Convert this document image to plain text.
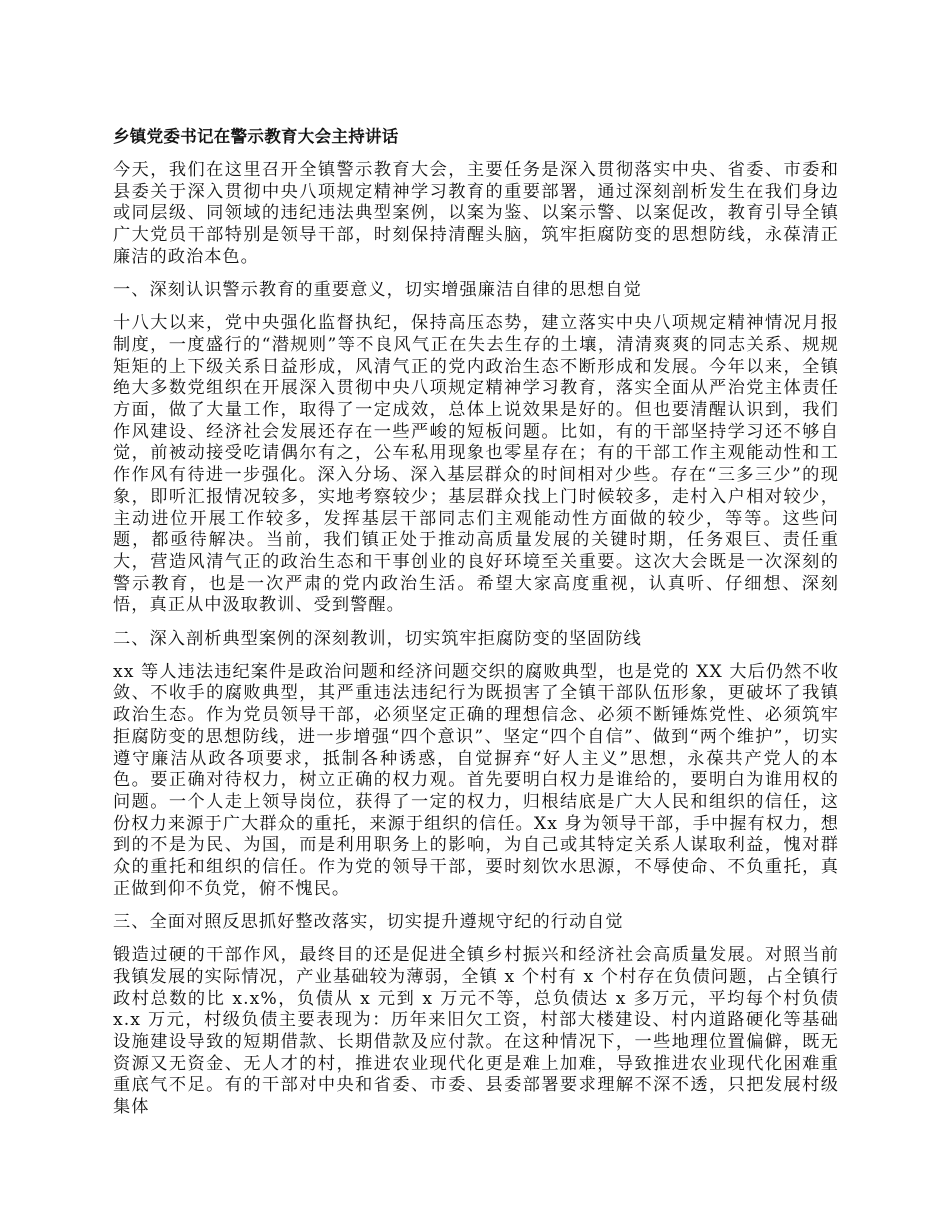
乡镇党委书记在警示教育大会主持讲话

今天，我们在这里召开全镇警示教育大会，主要任务是深入贯彻落实中央、省委、市委和县委关于深入贯彻中央八项规定精神学习教育的重要部署，通过深刻剖析发生在我们身边或同层级、同领域的违纪违法典型案例，以案为鉴、以案示警、以案促改，教育引导全镇广大党员干部特别是领导干部，时刻保持清醒头脑，筑牢拒腐防变的思想防线，永葆清正廉洁的政治本色。

一、深刻认识警示教育的重要意义，切实增强廉洁自律的思想自觉

十八大以来，党中央强化监督执纪，保持高压态势，建立落实中央八项规定精神情况月报制度，一度盛行的“潜规则”等不良风气正在失去生存的土壤，清清爽爽的同志关系、规规矩矩的上下级关系日益形成，风清气正的党内政治生态不断形成和发展。今年以来，全镇绝大多数党组织在开展深入贯彻中央八项规定精神学习教育，落实全面从严治党主体责任方面，做了大量工作，取得了一定成效，总体上说效果是好的。但也要清醒认识到，我们作风建设、经济社会发展还存在一些严峻的短板问题。比如，有的干部坚持学习还不够自觉，前被动接受吃请偶尔有之，公车私用现象也零星存在；有的干部工作主观能动性和工作作风有待进一步强化。深入分场、深入基层群众的时间相对少些。存在“三多三少”的现象，即听汇报情况较多，实地考察较少；基层群众找上门时候较多，走村入户相对较少，主动进位开展工作较多，发挥基层干部同志们主观能动性方面做的较少，等等。这些问题，都亟待解决。当前，我们镇正处于推动高质量发展的关键时期，任务艰巨、责任重大，营造风清气正的政治生态和干事创业的良好环境至关重要。这次大会既是一次深刻的警示教育，也是一次严肃的党内政治生活。希望大家高度重视，认真听、仔细想、深刻悟，真正从中汲取教训、受到警醒。

二、深入剖析典型案例的深刻教训，切实筑牢拒腐防变的坚固防线

xx 等人违法违纪案件是政治问题和经济问题交织的腐败典型，也是党的 XX 大后仍然不收敛、不收手的腐败典型，其严重违法违纪行为既损害了全镇干部队伍形象，更破坏了我镇政治生态。作为党员领导干部，必须坚定正确的理想信念、必须不断锤炼党性、必须筑牢拒腐防变的思想防线，进一步增强“四个意识”、坚定“四个自信”、做到“两个维护”，切实遵守廉洁从政各项要求，抵制各种诱惑，自觉摒弃“好人主义”思想，永葆共产党人的本色。要正确对待权力，树立正确的权力观。首先要明白权力是谁给的，要明白为谁用权的问题。一个人走上领导岗位，获得了一定的权力，归根结底是广大人民和组织的信任，这份权力来源于广大群众的重托，来源于组织的信任。Xx 身为领导干部，手中握有权力，想到的不是为民、为国，而是利用职务上的影响，为自己或其特定关系人谋取利益，愧对群众的重托和组织的信任。作为党的领导干部，要时刻饮水思源，不辱使命、不负重托，真正做到仰不负党，俯不愧民。

三、全面对照反思抓好整改落实，切实提升遵规守纪的行动自觉

锻造过硬的干部作风，最终目的还是促进全镇乡村振兴和经济社会高质量发展。对照当前我镇发展的实际情况，产业基础较为薄弱，全镇 x 个村有 x 个村存在负债问题，占全镇行政村总数的比 x.x%，负债从 x 元到 x 万元不等，总负债达 x 多万元，平均每个村负债 x.x 万元，村级负债主要表现为：历年来旧欠工资，村部大楼建设、村内道路硬化等基础设施建设导致的短期借款、长期借款及应付款。在这种情况下，一些地理位置偏僻，既无资源又无资金、无人才的村，推进农业现代化更是难上加难，导致推进农业现代化困难重重底气不足。有的干部对中央和省委、市委、县委部署要求理解不深不透，只把发展村级集体
